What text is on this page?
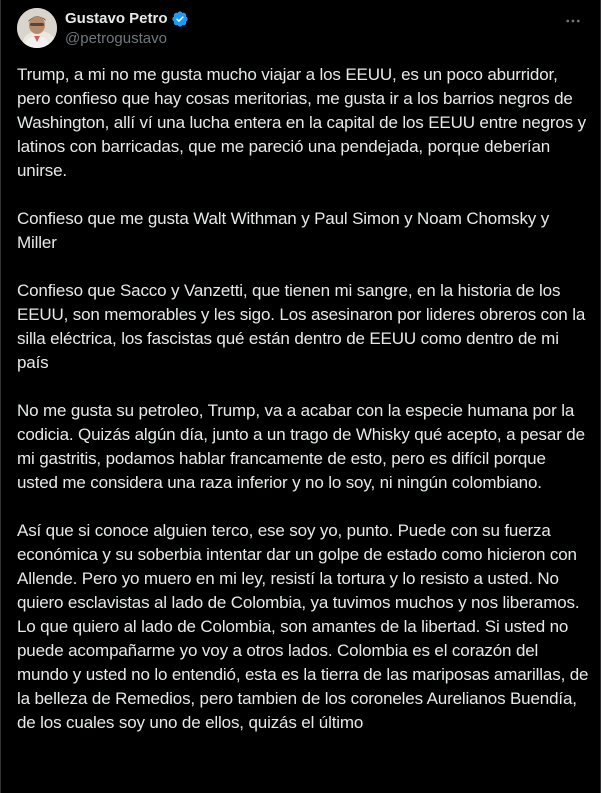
Gustavo Petro
@petrogustavo

Trump, a mi no me gusta mucho viajar a los EEUU, es un poco aburridor, pero confieso que hay cosas meritorias, me gusta ir a los barrios negros de Washington, allí ví una lucha entera en la capital de los EEUU entre negros y latinos con barricadas, que me pareció una pendejada, porque deberían unirse.

Confieso que me gusta Walt Withman y Paul Simon y Noam Chomsky y Miller

Confieso que Sacco y Vanzetti, que tienen mi sangre, en la historia de los EEUU, son memorables y les sigo. Los asesinaron por lideres obreros con la silla eléctrica, los fascistas qué están dentro de EEUU como dentro de mi país

No me gusta su petroleo, Trump, va a acabar con la especie humana por la codicia. Quizás algún día, junto a un trago de Whisky qué acepto, a pesar de mi gastritis, podamos hablar francamente de esto, pero es difícil porque usted me considera una raza inferior y no lo soy, ni ningún colombiano.

Así que si conoce alguien terco, ese soy yo, punto. Puede con su fuerza económica y su soberbia intentar dar un golpe de estado como hicieron con Allende. Pero yo muero en mi ley, resistí la tortura y lo resisto a usted. No quiero esclavistas al lado de Colombia, ya tuvimos muchos y nos liberamos. Lo que quiero al lado de Colombia, son amantes de la libertad. Si usted no puede acompañarme yo voy a otros lados. Colombia es el corazón del mundo y usted no lo entendió, esta es la tierra de las mariposas amarillas, de la belleza de Remedios, pero tambien de los coroneles Aurelianos Buendía, de los cuales soy uno de ellos, quizás el último
